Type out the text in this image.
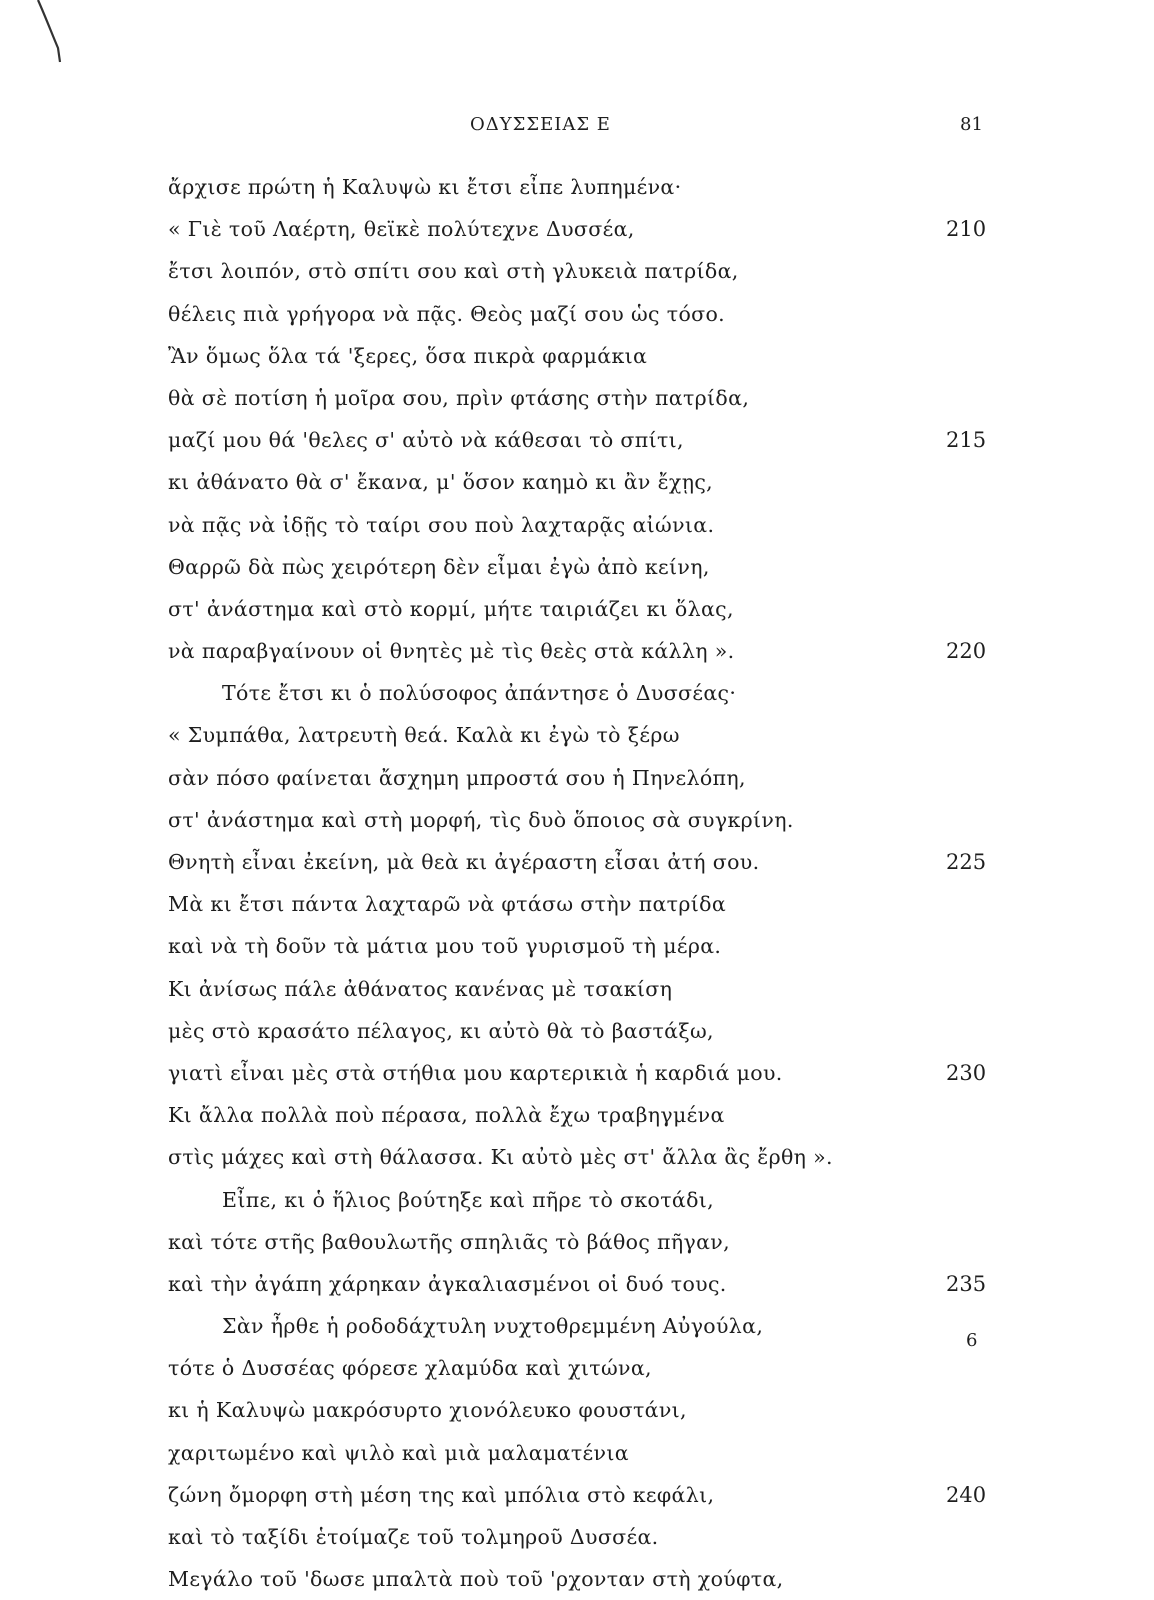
ΟΔΥΣΣΕΙΑΣ Ε	81
ἄρχισε πρώτη ἡ Καλυψὼ κι ἔτσι εἶπε λυπημένα·
« Γιὲ τοῦ Λαέρτη, θεϊκὲ πολύτεχνε Δυσσέα,	210
ἔτσι λοιπόν, στὸ σπίτι σου καὶ στὴ γλυκειὰ πατρίδα,
θέλεις πιὰ γρήγορα νὰ πᾷς. Θεὸς μαζί σου ὡς τόσο.
Ἂν ὅμως ὅλα τά 'ξερες, ὅσα πικρὰ φαρμάκια
θὰ σὲ ποτίση ἡ μοῖρα σου, πρὶν φτάσης στὴν πατρίδα,
μαζί μου θά 'θελες σ' αὐτὸ νὰ κάθεσαι τὸ σπίτι,	215
κι ἀθάνατο θὰ σ' ἔκανα, μ' ὅσον καημὸ κι ἂν ἔχῃς,
νὰ πᾷς νὰ ἰδῇς τὸ ταίρι σου ποὺ λαχταρᾷς αἰώνια.
Θαρρῶ δὰ πὼς χειρότερη δὲν εἶμαι ἐγὼ ἀπὸ κείνη,
στ' ἀνάστημα καὶ στὸ κορμί, μήτε ταιριάζει κι ὅλας,
νὰ παραβγαίνουν οἱ θνητὲς μὲ τὶς θεὲς στὰ κάλλη ».	220
Τότε ἔτσι κι ὁ πολύσοφος ἀπάντησε ὁ Δυσσέας·
« Συμπάθα, λατρευτὴ θεά. Καλὰ κι ἐγὼ τὸ ξέρω
σὰν πόσο φαίνεται ἄσχημη μπροστά σου ἡ Πηνελόπη,
στ' ἀνάστημα καὶ στὴ μορφή, τὶς δυὸ ὅποιος σὰ συγκρίνη.
Θνητὴ εἶναι ἐκείνη, μὰ θεὰ κι ἀγέραστη εἶσαι ἀτή σου.	225
Μὰ κι ἔτσι πάντα λαχταρῶ νὰ φτάσω στὴν πατρίδα
καὶ νὰ τὴ δοῦν τὰ μάτια μου τοῦ γυρισμοῦ τὴ μέρα.
Κι ἀνίσως πάλε ἀθάνατος κανένας μὲ τσακίση
μὲς στὸ κρασάτο πέλαγος, κι αὐτὸ θὰ τὸ βαστάξω,
γιατὶ εἶναι μὲς στὰ στήθια μου καρτερικιὰ ἡ καρδιά μου.	230
Κι ἄλλα πολλὰ ποὺ πέρασα, πολλὰ ἔχω τραβηγμένα
στὶς μάχες καὶ στὴ θάλασσα. Κι αὐτὸ μὲς στ' ἄλλα ἂς ἔρθη ».
Εἶπε, κι ὁ ἥλιος βούτηξε καὶ πῆρε τὸ σκοτάδι,
καὶ τότε στῆς βαθουλωτῆς σπηλιᾶς τὸ βάθος πῆγαν,
καὶ τὴν ἀγάπη χάρηκαν ἀγκαλιασμένοι οἱ δυό τους.	235
Σὰν ἦρθε ἡ ροδοδάχτυλη νυχτοθρεμμένη Αὐγούλα,
τότε ὁ Δυσσέας φόρεσε χλαμύδα καὶ χιτώνα,
κι ἡ Καλυψὼ μακρόσυρτο χιονόλευκο φουστάνι,
χαριτωμένο καὶ ψιλὸ καὶ μιὰ μαλαματένια
ζώνη ὄμορφη στὴ μέση της καὶ μπόλια στὸ κεφάλι,	240
καὶ τὸ ταξίδι ἑτοίμαζε τοῦ τολμηροῦ Δυσσέα.
Μεγάλο τοῦ 'δωσε μπαλτὰ ποὺ τοῦ 'ρχονταν στὴ χούφτα,
6
